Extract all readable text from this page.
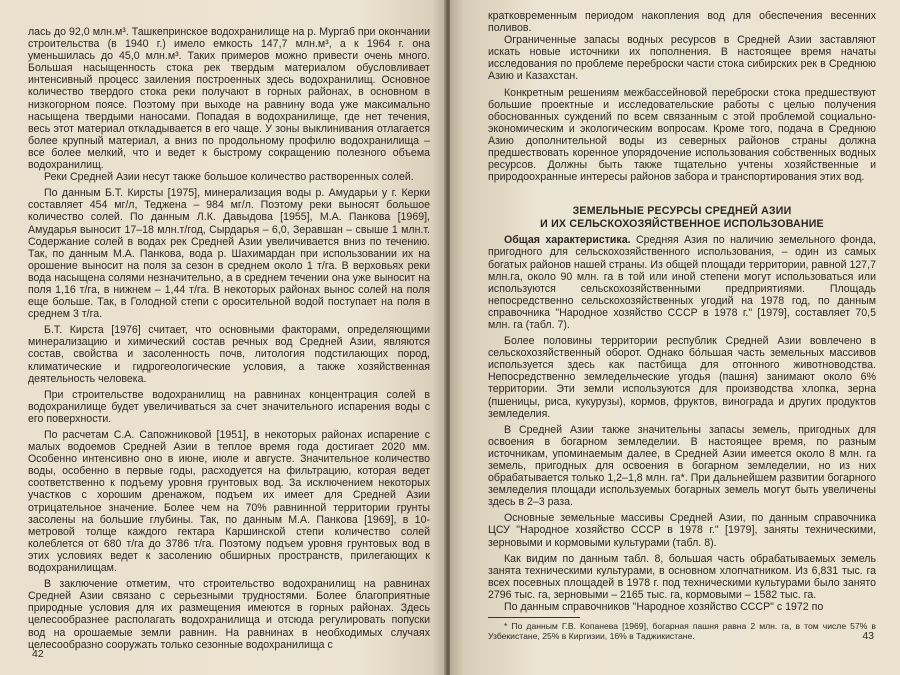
лась до 92,0 млн.м³. Ташкепринское водохранилище на р. Мургаб при окончании строительства (в 1940 г.) имело емкость 147,7 млн.м³, а к 1964 г. она уменьшилась до 45,0 млн.м³. Таких примеров можно привести очень много. Большая насыщенность стока рек твердым материалом обусловливает интенсивный процесс заиления построенных здесь водохранилищ. Основное количество твердого стока реки получают в горных районах, в основном в низкогорном поясе. Поэтому при выходе на равнину вода уже максимально насыщена твердыми наносами. Попадая в водохранилище, где нет течения, весь этот материал откладывается в его чаще. У зоны выклинивания отлагается более крупный материал, а вниз по продольному профилю водохранилища – все более мелкий, что и ведет к быстрому сокращению полезного объема водохранилищ.

Реки Средней Азии несут также большое количество растворенных солей.

По данным Б.Т. Кирсты [1975], минерализация воды р. Амударьи у г. Керки составляет 454 мг/л, Теджена – 984 мг/л. Поэтому реки выносят большое количество солей. По данным Л.К. Давыдова [1955], М.А. Панкова [1969], Амударья выносит 17–18 млн.т/год, Сырдарья – 6,0, Зеравшан – свыше 1 млн.т. Содержание солей в водах рек Средней Азии увеличивается вниз по течению. Так, по данным М.А. Панкова, вода р. Шахимардан при использовании их на орошение выносит на поля за сезон в среднем около 1 т/га. В верховьях реки вода насыщена солями незначительно, а в среднем течении она уже выносит на поля 1,16 т/га, в нижнем – 1,44 т/га. В некоторых районах вынос солей на поля еще больше. Так, в Голодной степи с оросительной водой поступает на поля в среднем 3 т/га.

Б.Т. Кирста [1976] считает, что основными факторами, определяющими минерализацию и химический состав речных вод Средней Азии, являются состав, свойства и засоленность почв, литология подстилающих пород, климатические и гидрогеологические условия, а также хозяйственная деятельность человека.

При строительстве водохранилищ на равнинах концентрация солей в водохранилище будет увеличиваться за счет значительного испарения воды с его поверхности.

По расчетам С.А. Сапожниковой [1951], в некоторых районах испарение с малых водоемов Средней Азии в теплое время года достигает 2020 мм. Особенно интенсивно оно в июне, июле и августе. Значительное количество воды, особенно в первые годы, расходуется на фильтрацию, которая ведет соответственно к подъему уровня грунтовых вод. За исключением некоторых участков с хорошим дренажом, подъем их имеет для Средней Азии отрицательное значение. Более чем на 70% равнинной территории грунты засолены на большие глубины. Так, по данным М.А. Панкова [1969], в 10-метровой толще каждого гектара Каршинской степи количество солей колеблется от 680 т/га до 3786 т/га. Поэтому подъем уровня грунтовых вод в этих условиях ведет к засолению обширных пространств, прилегающих к водохранилищам.

В заключение отметим, что строительство водохранилищ на равнинах Средней Азии связано с серьезными трудностями. Более благоприятные природные условия для их размещения имеются в горных районах. Здесь целесообразнее располагать водохранилища и отсюда регулировать попуски вод на орошаемые земли равнин. На равнинах в необходимых случаях целесообразно сооружать только сезонные водохранилища с

42

кратковременным периодом накопления вод для обеспечения весенних поливов.

Ограниченные запасы водных ресурсов в Средней Азии заставляют искать новые источники их пополнения. В настоящее время начаты исследования по проблеме переброски части стока сибирских рек в Среднюю Азию и Казахстан.

Конкретным решениям межбассейновой переброски стока предшествуют большие проектные и исследовательские работы с целью получения обоснованных суждений по всем связанным с этой проблемой социально-экономическим и экологическим вопросам. Кроме того, подача в Среднюю Азию дополнительной воды из северных районов страны должна предшествовать коренное упорядочение использования собственных водных ресурсов. Должны быть также тщательно учтены хозяйственные и природоохранные интересы районов забора и транспортирования этих вод.

ЗЕМЕЛЬНЫЕ РЕСУРСЫ СРЕДНЕЙ АЗИИ
И ИХ СЕЛЬСКОХОЗЯЙСТВЕННОЕ ИСПОЛЬЗОВАНИЕ

Общая характеристика. Средняя Азия по наличию земельного фонда, пригодного для сельскохозяйственного использования, – один из самых богатых районов нашей страны. Из общей площади территории, равной 127,7 млн.га, около 90 млн. га в той или иной степени могут использоваться или используются сельскохозяйственными предприятиями. Площадь непосредственно сельскохозяйственных угодий на 1978 год, по данным справочника "Народное хозяйство СССР в 1978 г." [1979], составляет 70,5 млн. га (табл. 7).

Более половины территории республик Средней Азии вовлечено в сельскохозяйственный оборот. Однако бо́льшая часть земельных массивов используется здесь как пастбища для отгонного животноводства. Непосредственно земледельческие угодья (пашня) занимают около 6% территории. Эти земли используются для производства хлопка, зерна (пшеницы, риса, кукурузы), кормов, фруктов, винограда и других продуктов земледелия.

В Средней Азии также значительны запасы земель, пригодных для освоения в богарном земледелии. В настоящее время, по разным источникам, упоминаемым далее, в Средней Азии имеется около 8 млн. га земель, пригодных для освоения в богарном земледелии, но из них обрабатывается только 1,2–1,8 млн. га*. При дальнейшем развитии богарного земледелия площади используемых богарных земель могут быть увеличены здесь в 2–3 раза.

Основные земельные массивы Средней Азии, по данным справочника ЦСУ "Народное хозяйство СССР в 1978 г." [1979], заняты техническими, зерновыми и кормовыми культурами (табл. 8).

Как видим по данным табл. 8, большая часть обрабатываемых земель занята техническими культурами, в основном хлопчатником. Из 6,831 тыс. га всех посевных площадей в 1978 г. под техническими культурами было занято 2796 тыс. га, зерновыми – 2165 тыс. га, кормовыми – 1582 тыс. га.

По данным справочников "Народное хозяйство СССР" с 1972 по

* По данным Г.В. Копанева [1969], богарная пашня равна 2 млн. га, в том числе 57% в Узбекистане, 25% в Киргизии, 16% в Таджикистане.	43
